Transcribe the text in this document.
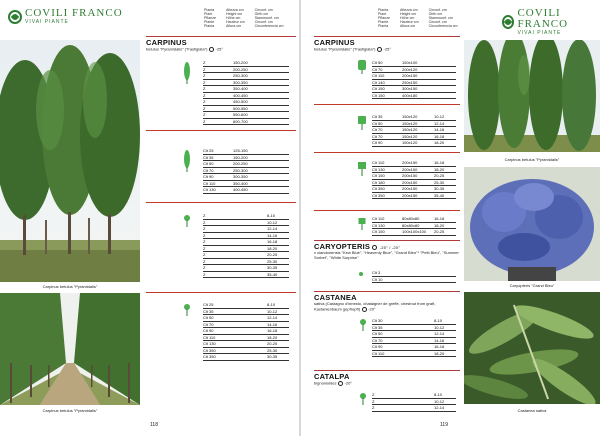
COVILI FRANCO
VIVAI PIANTE
Pianta
Plant
Pflanze
Plante
Planta
Altezza cm
Height cm
Höhe cm
Hauteur cm
Altura cm
Circonf. cm
Girth cm
Stammumf. cm
Circonf. cm
Circunferencia cm
Carpinus betulus "Pyramidalis"
Carpinus betulus "Pyramidalis"
CARPINUS
betulus "Pyramidalis" ("Fastigiata") -25°
Z	150-200
Z	200-250
Z	250-300
Z	300-350
Z	350-400
Z	400-450
Z	450-500
Z	500-550
Z	550-600
Z	600-700
Clt 25	125-150
Clt 35	150-200
Clt 50	200-250
Clt 70	250-300
Clt 90	300-350
Clt 110	350-400
Clt 130	400-450
Z	8-10
Z	10-12
Z	12-14
Z	14-16
Z	16-18
Z	18-20
Z	20-25
Z	25-30
Z	30-35
Z	35-40
Clt 25	8-10
Clt 35	10-12
Clt 50	12-14
Clt 70	14-16
Clt 90	16-18
Clt 110	18-20
Clt 130	20-25
Clt 350	25-30
Clt 350	30-35
118
Pianta
Plant
Pflanze
Plante
Planta
Altezza cm
Height cm
Höhe cm
Hauteur cm
Altura cm
Circonf. cm
Girth cm
Stammumf. cm
Circonf. cm
Circunferencia cm
COVILI FRANCO
VIVAI PIANTE
Carpinus betulus "Pyramidalis"
Caryopteris "Grand Bleu"
Castanea sativa
CARPINUS
betulus "Pyramidalis" ("Fastigiata") -25°
Clt 50	150x100
Clt 70	200x120
Clt 110	200x150
Clt 140	250x150
Clt 150	300x150
Clt 150	400x180
Clt 35	150x120	10-12
Clt 50	150x120	12-14
Clt 70	150x120	14-16
Clt 70	150x120	16-18
Clt 90	150x120	18-20
Clt 110	200x150	16-18
Clt 130	200x150	18-20
Clt 150	200x150	20-25
Clt 180	200x150	25-30
Clt 350	200x150	30-35
Clt 350	200x150	35-40
Clt 110	80x80x80	16-18
Clt 130	80x80x80	18-20
Clt 150	100x100x100	20-25
CARYOPTERIS -25° / -20°
x clandonensis "Kew Blue", "Heavenly Blue", "Grand Bleu"* "Petit Bleu", "Summer Sorbet", "White Surprise"
Clt 3
Clt 10
CASTANEA
sativa (Castagno d'innesto, chataigner de greffe, chestnut from graft, Kastanienbaum gepfropft) -20°
Clt 30	8-10
Clt 35	10-12
Clt 50	12-14
Clt 70	14-16
Clt 90	16-18
Clt 110	18-20
CATALPA
bignonioides -20°
Z	8-10
Z	10-12
Z	12-14
119
